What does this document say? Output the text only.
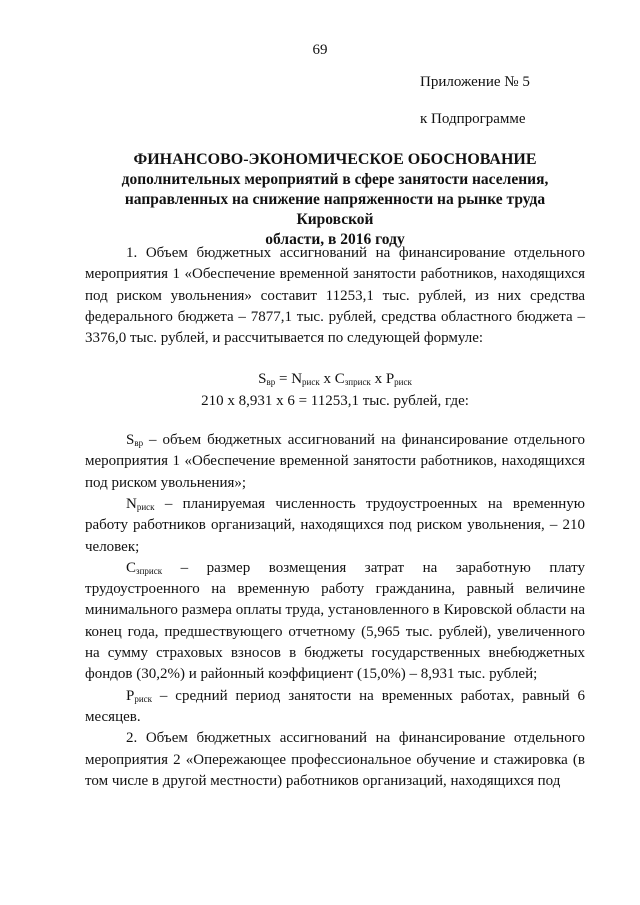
69
Приложение № 5
к Подпрограмме
ФИНАНСОВО-ЭКОНОМИЧЕСКОЕ ОБОСНОВАНИЕ
дополнительных мероприятий в сфере занятости населения,
направленных на снижение напряженности на рынке труда Кировской
области, в 2016 году

1. Объем бюджетных ассигнований на финансирование отдельного мероприятия 1 «Обеспечение временной занятости работников, находящихся под риском увольнения» составит 11253,1 тыс. рублей, из них средства федерального бюджета – 7877,1 тыс. рублей, средства областного бюджета – 3376,0 тыс. рублей, и рассчитывается по следующей формуле:

$S_{вр} = N_{риск}$ х $C_{зприск}$ х $P_{риск}$
210 х 8,931 х 6 = 11253,1 тыс. рублей, где:

$S_{вр}$ – объем бюджетных ассигнований на финансирование отдельного мероприятия 1 «Обеспечение временной занятости работников, находящихся под риском увольнения»;

$N_{риск}$ – планируемая численность трудоустроенных на временную работу работников организаций, находящихся под риском увольнения, – 210 человек;

$C_{зприск}$ – размер возмещения затрат на заработную плату трудоустроенного на временную работу гражданина, равный величине минимального размера оплаты труда, установленного в Кировской области на конец года, предшествующего отчетному (5,965 тыс. рублей), увеличенного на сумму страховых взносов в бюджеты государственных внебюджетных фондов (30,2%) и районный коэффициент (15,0%) – 8,931 тыс. рублей;

$P_{риск}$ – средний период занятости на временных работах, равный 6 месяцев.

2. Объем бюджетных ассигнований на финансирование отдельного мероприятия 2 «Опережающее профессиональное обучение и стажировка (в том числе в другой местности) работников организаций, находящихся под
